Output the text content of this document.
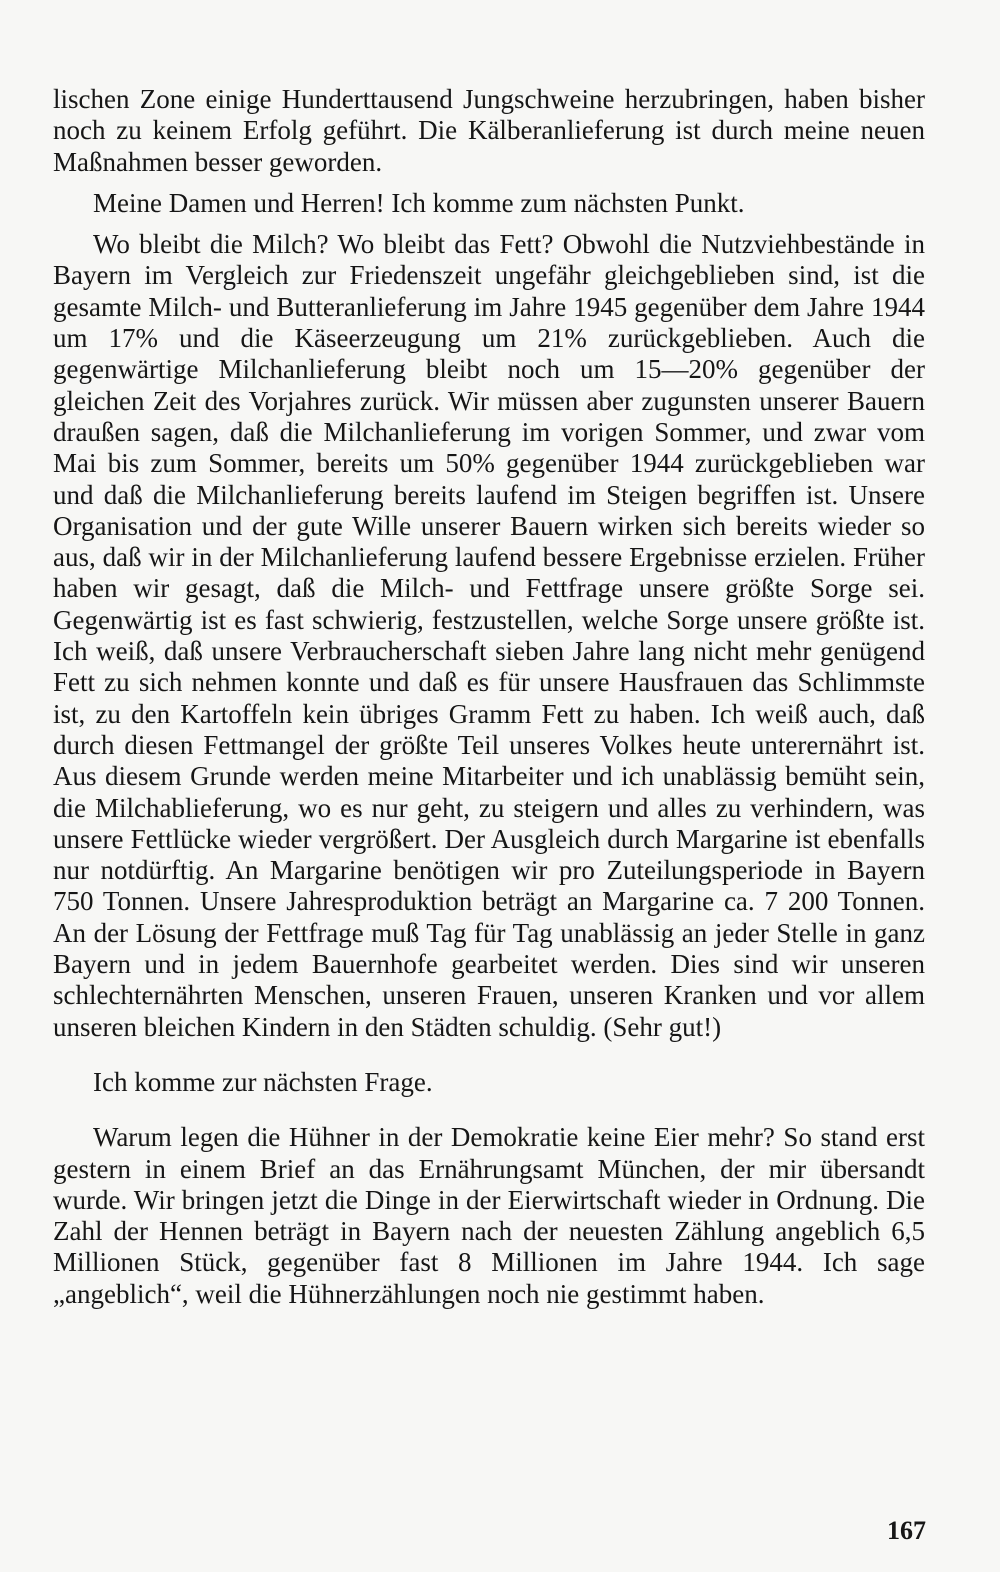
lischen Zone einige Hunderttausend Jungschweine herzubringen, haben bisher noch zu keinem Erfolg geführt. Die Kälberanlieferung ist durch meine neuen Maßnahmen besser geworden.

Meine Damen und Herren! Ich komme zum nächsten Punkt.

Wo bleibt die Milch? Wo bleibt das Fett? Obwohl die Nutzviehbestände in Bayern im Vergleich zur Friedenszeit ungefähr gleichgeblieben sind, ist die gesamte Milch- und Butteranlieferung im Jahre 1945 gegenüber dem Jahre 1944 um 17% und die Käseerzeugung um 21% zurückgeblieben. Auch die gegenwärtige Milchanlieferung bleibt noch um 15—20% gegenüber der gleichen Zeit des Vorjahres zurück. Wir müssen aber zugunsten unserer Bauern draußen sagen, daß die Milchanlieferung im vorigen Sommer, und zwar vom Mai bis zum Sommer, bereits um 50% gegenüber 1944 zurückgeblieben war und daß die Milchanlieferung bereits laufend im Steigen begriffen ist. Unsere Organisation und der gute Wille unserer Bauern wirken sich bereits wieder so aus, daß wir in der Milchanlieferung laufend bessere Ergebnisse erzielen. Früher haben wir gesagt, daß die Milch- und Fettfrage unsere größte Sorge sei. Gegenwärtig ist es fast schwierig, festzustellen, welche Sorge unsere größte ist. Ich weiß, daß unsere Verbraucherschaft sieben Jahre lang nicht mehr genügend Fett zu sich nehmen konnte und daß es für unsere Hausfrauen das Schlimmste ist, zu den Kartoffeln kein übriges Gramm Fett zu haben. Ich weiß auch, daß durch diesen Fettmangel der größte Teil unseres Volkes heute unterernährt ist. Aus diesem Grunde werden meine Mitarbeiter und ich unablässig bemüht sein, die Milchablieferung, wo es nur geht, zu steigern und alles zu verhindern, was unsere Fettlücke wieder vergrößert. Der Ausgleich durch Margarine ist ebenfalls nur notdürftig. An Margarine benötigen wir pro Zuteilungsperiode in Bayern 750 Tonnen. Unsere Jahresproduktion beträgt an Margarine ca. 7 200 Tonnen. An der Lösung der Fettfrage muß Tag für Tag unablässig an jeder Stelle in ganz Bayern und in jedem Bauernhofe gearbeitet werden. Dies sind wir unseren schlechternährten Menschen, unseren Frauen, unseren Kranken und vor allem unseren bleichen Kindern in den Städten schuldig. (Sehr gut!)

Ich komme zur nächsten Frage.

Warum legen die Hühner in der Demokratie keine Eier mehr? So stand erst gestern in einem Brief an das Ernährungsamt München, der mir übersandt wurde. Wir bringen jetzt die Dinge in der Eierwirtschaft wieder in Ordnung. Die Zahl der Hennen beträgt in Bayern nach der neuesten Zählung angeblich 6,5 Millionen Stück, gegenüber fast 8 Millionen im Jahre 1944. Ich sage „angeblich“, weil die Hühnerzählungen noch nie gestimmt haben.

167
